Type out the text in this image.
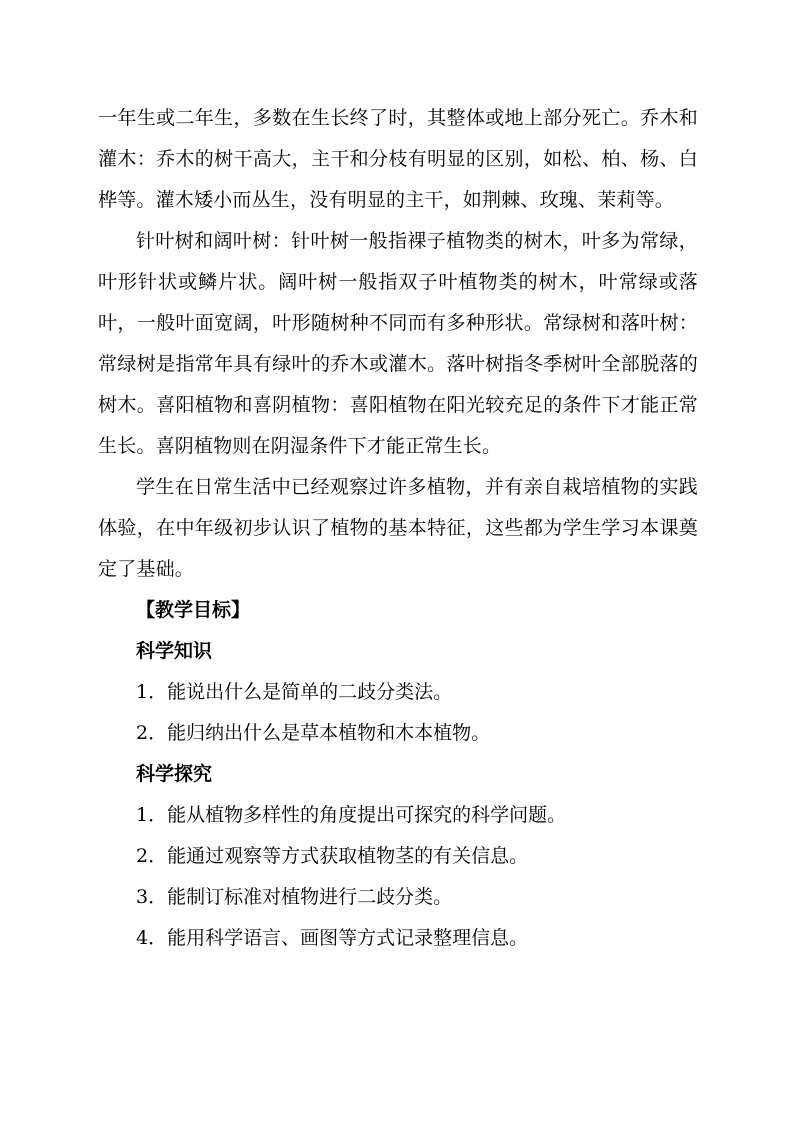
一年生或二年生，多数在生长终了时，其整体或地上部分死亡。乔木和灌木：乔木的树干高大，主干和分枝有明显的区别，如松、柏、杨、白桦等。灌木矮小而丛生，没有明显的主干，如荆棘、玫瑰、茉莉等。

针叶树和阔叶树：针叶树一般指裸子植物类的树木，叶多为常绿，叶形针状或鳞片状。阔叶树一般指双子叶植物类的树木，叶常绿或落叶，一般叶面宽阔，叶形随树种不同而有多种形状。常绿树和落叶树：常绿树是指常年具有绿叶的乔木或灌木。落叶树指冬季树叶全部脱落的树木。喜阳植物和喜阴植物：喜阳植物在阳光较充足的条件下才能正常生长。喜阴植物则在阴湿条件下才能正常生长。

学生在日常生活中已经观察过许多植物，并有亲自栽培植物的实践体验，在中年级初步认识了植物的基本特征，这些都为学生学习本课奠定了基础。

【教学目标】

科学知识

1．能说出什么是简单的二歧分类法。

2．能归纳出什么是草本植物和木本植物。

科学探究

1．能从植物多样性的角度提出可探究的科学问题。

2．能通过观察等方式获取植物茎的有关信息。

3．能制订标准对植物进行二歧分类。

4．能用科学语言、画图等方式记录整理信息。
